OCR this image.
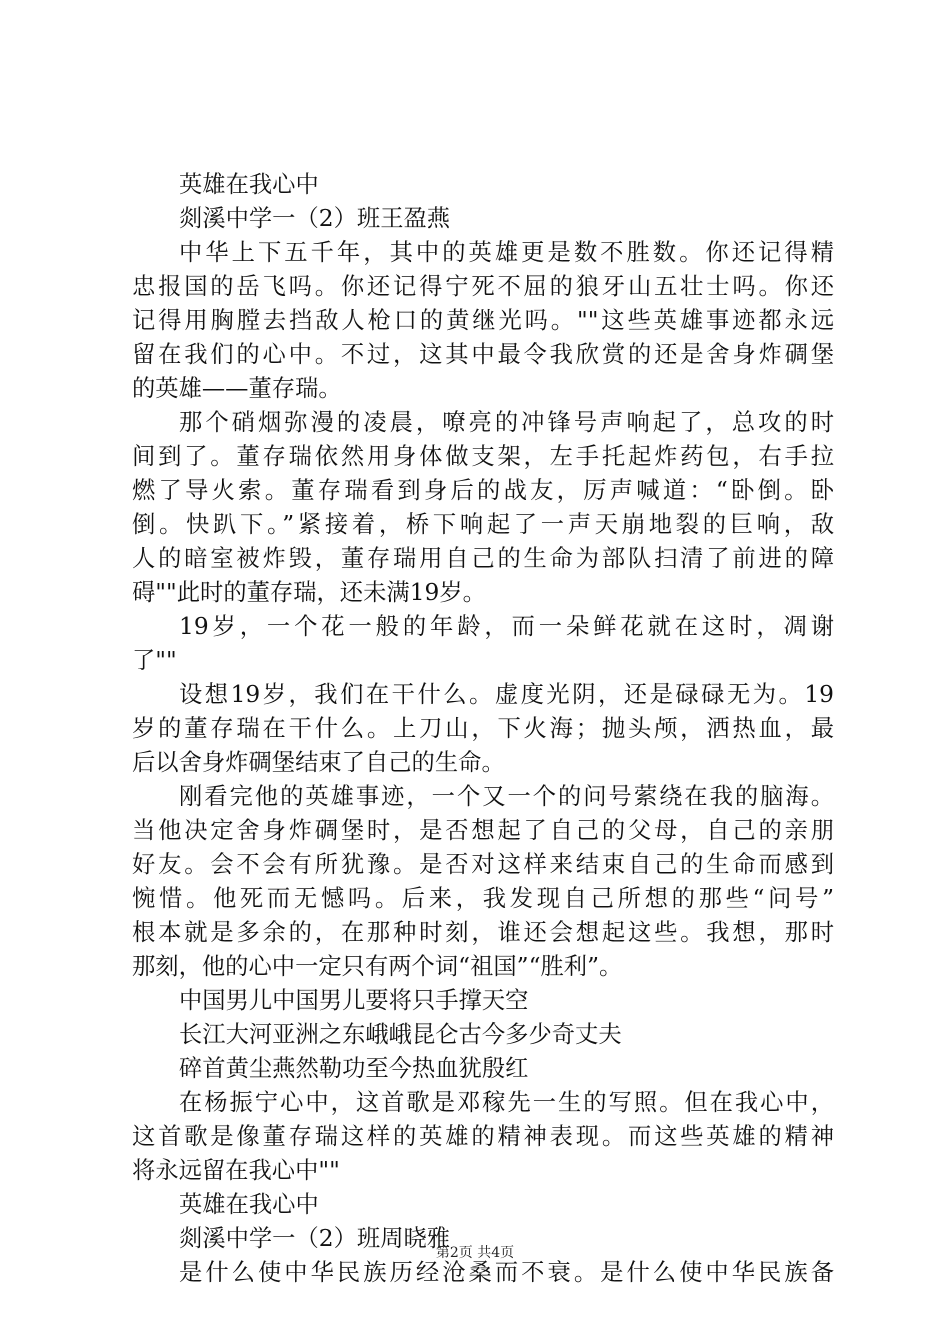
英雄在我心中
剡溪中学一（2）班王盈燕
中华上下五千年，其中的英雄更是数不胜数。你还记得精
忠报国的岳飞吗。你还记得宁死不屈的狼牙山五壮士吗。你还
记得用胸膛去挡敌人枪口的黄继光吗。""这些英雄事迹都永远
留在我们的心中。不过，这其中最令我欣赏的还是舍身炸碉堡
的英雄——董存瑞。
那个硝烟弥漫的凌晨，嘹亮的冲锋号声响起了，总攻的时
间到了。董存瑞依然用身体做支架，左手托起炸药包，右手拉
燃了导火索。董存瑞看到身后的战友，厉声喊道：“卧倒。卧
倒。快趴下。”紧接着，桥下响起了一声天崩地裂的巨响，敌
人的暗室被炸毁，董存瑞用自己的生命为部队扫清了前进的障
碍""此时的董存瑞，还未满19岁。
19岁，一个花一般的年龄，而一朵鲜花就在这时，凋谢
了""
设想19岁，我们在干什么。虚度光阴，还是碌碌无为。19
岁的董存瑞在干什么。上刀山，下火海；抛头颅，洒热血，最
后以舍身炸碉堡结束了自己的生命。
刚看完他的英雄事迹，一个又一个的问号萦绕在我的脑海。
当他决定舍身炸碉堡时，是否想起了自己的父母，自己的亲朋
好友。会不会有所犹豫。是否对这样来结束自己的生命而感到
惋惜。他死而无憾吗。后来，我发现自己所想的那些“问号”
根本就是多余的，在那种时刻，谁还会想起这些。我想，那时
那刻，他的心中一定只有两个词“祖国”“胜利”。
中国男儿中国男儿要将只手撑天空
长江大河亚洲之东峨峨昆仑古今多少奇丈夫
碎首黄尘燕然勒功至今热血犹殷红
在杨振宁心中，这首歌是邓稼先一生的写照。但在我心中，
这首歌是像董存瑞这样的英雄的精神表现。而这些英雄的精神
将永远留在我心中""
英雄在我心中
剡溪中学一（2）班周晓雅
是什么使中华民族历经沧桑而不衰。是什么使中华民族备
第2页 共4页
